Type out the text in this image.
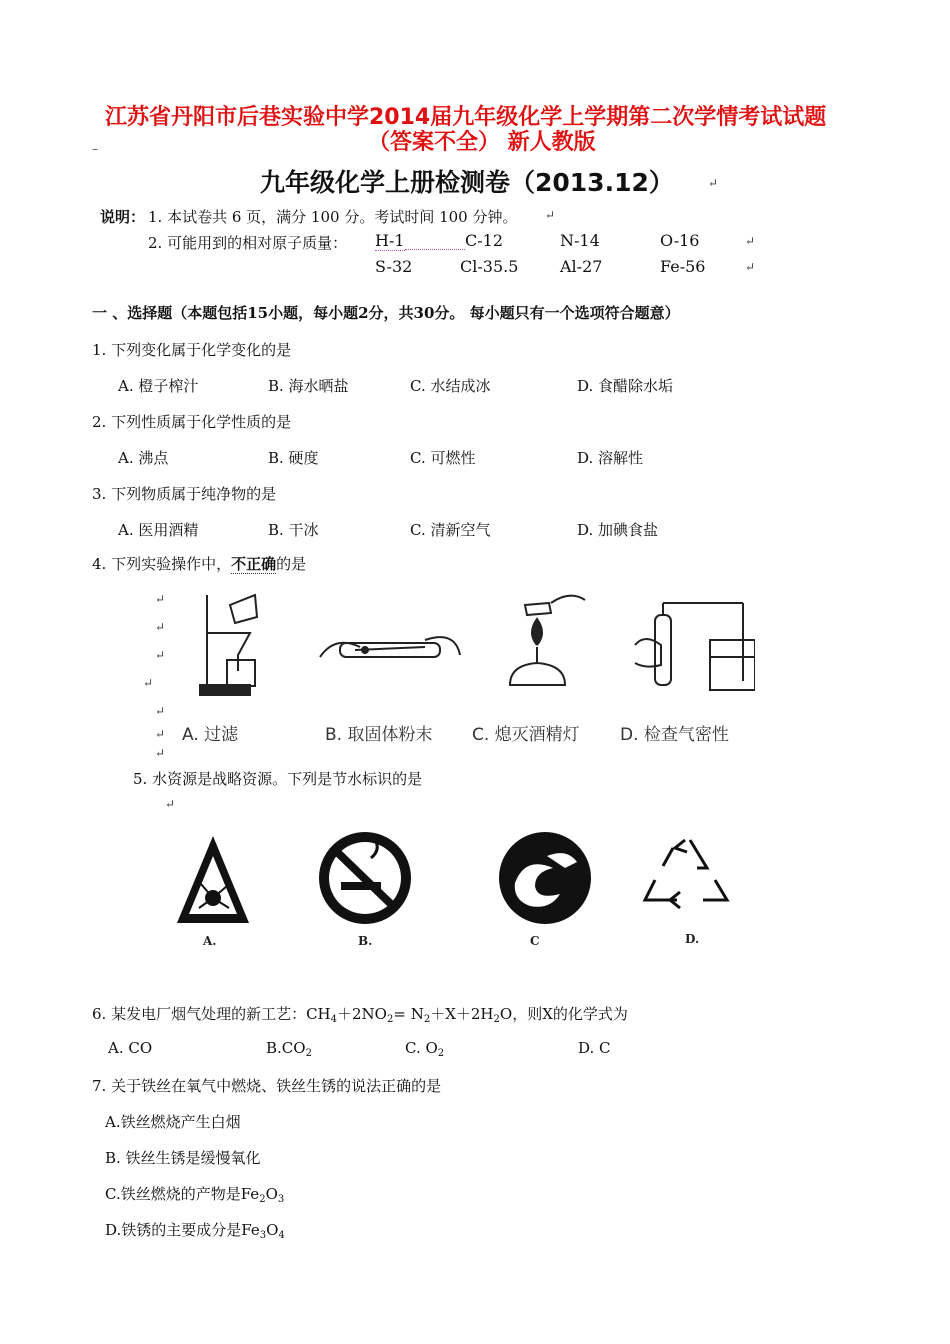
江苏省丹阳市后巷实验中学2014届九年级化学上学期第二次学情考试试题
（答案不全） 新人教版
–
九年级化学上册检测卷（2013.12）	↵
说明： 1. 本试卷共 6 页，满分 100 分。考试时间 100 分钟。 ↵
2. 可能用到的相对原子质量： H-1	C-12	N-14	O-16	↵
S-32	Cl-35.5	Al-27	Fe-56	↵
一 、选择题（本题包括15小题，每小题2分，共30分。 每小题只有一个选项符合题意）
1. 下列变化属于化学变化的是
A. 橙子榨汁	B. 海水晒盐	C. 水结成冰	D. 食醋除水垢
2. 下列性质属于化学性质的是
A. 沸点	B. 硬度	C. 可燃性	D. 溶解性
3. 下列物质属于纯净物的是
A. 医用酒精	B. 干冰	C. 清新空气	D. 加碘食盐
4. 下列实验操作中，不正确的是
↵
↵
↵
↵
↵
↵
↵
A. 过滤	B. 取固体粉末 C. 熄灭酒精灯 D. 检查气密性
5. 水资源是战略资源。下列是节水标识的是
↵
A.	B.	C	D.
6. 某发电厂烟气处理的新工艺：$CH_4+2NO_2= N_2+X+2H_2O$，则X的化学式为
A. CO	$B.CO_2$	C. $O_2$	D. C
7. 关于铁丝在氧气中燃烧、铁丝生锈的说法正确的是
A.铁丝燃烧产生白烟
B. 铁丝生锈是缓慢氧化
C.铁丝燃烧的产物是$Fe_2O_3$
D.铁锈的主要成分是$Fe_3O_4$
